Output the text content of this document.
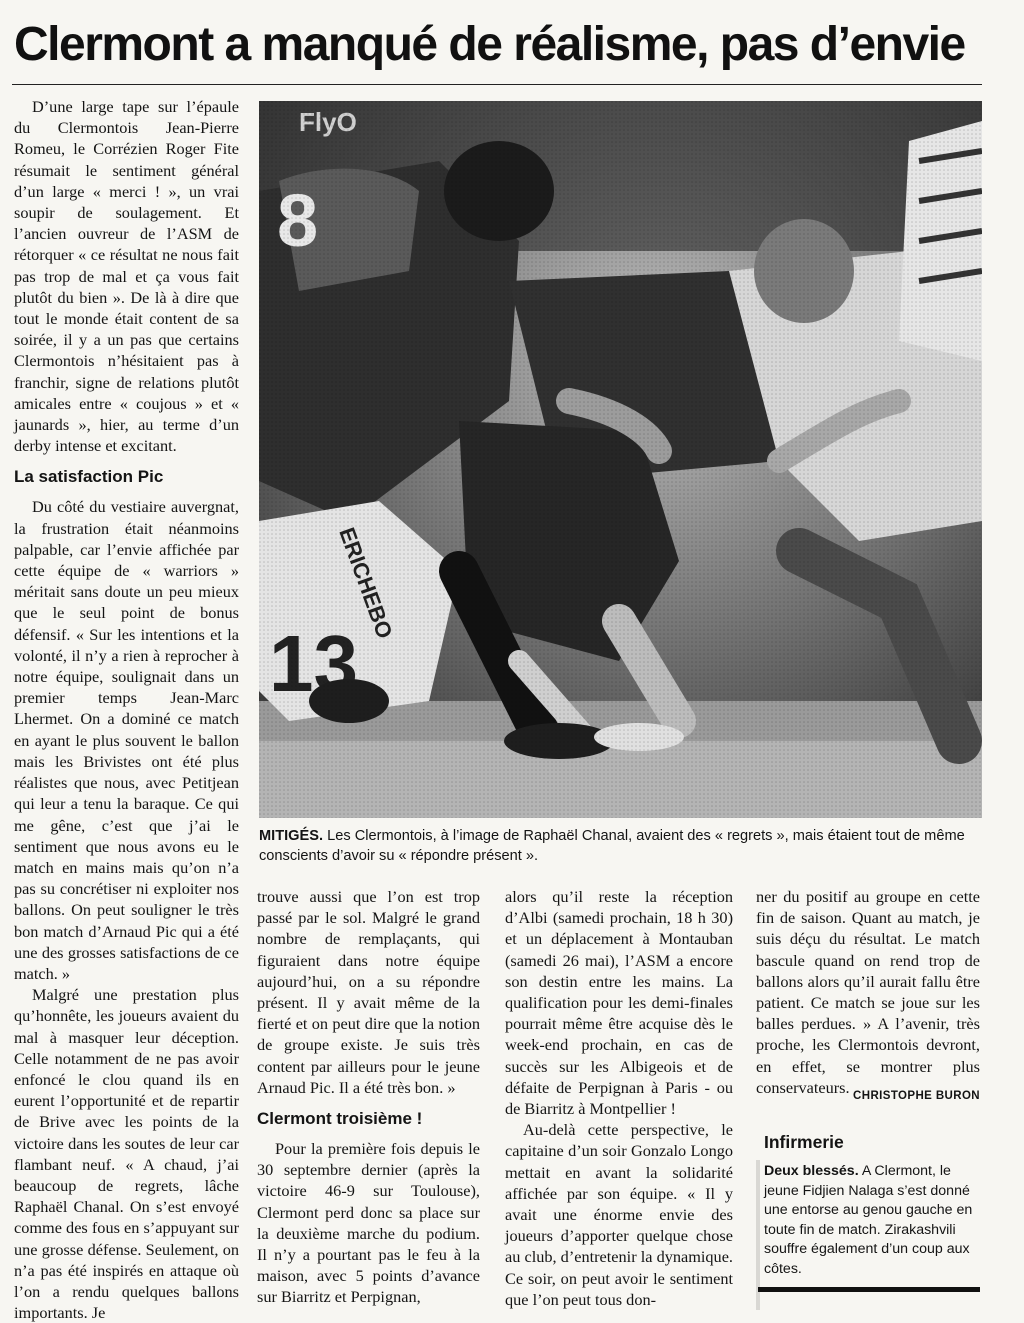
Clermont a manqué de réalisme, pas d’envie

D’une large tape sur l’épaule du Clermontois Jean-Pierre Romeu, le Corrézien Roger Fite résumait le sentiment général d’un large « merci ! », un vrai soupir de soulagement. Et l’ancien ouvreur de l’ASM de rétorquer « ce résultat ne nous fait pas trop de mal et ça vous fait plutôt du bien ». De là à dire que tout le monde était content de sa soirée, il y a un pas que certains Clermontois n’hésitaient pas à franchir, signe de relations plutôt amicales entre « coujous » et « jaunards », hier, au terme d’un derby intense et excitant.

La satisfaction Pic

Du côté du vestiaire auvergnat, la frustration était néanmoins palpable, car l’envie affichée par cette équipe de « warriors » méritait sans doute un peu mieux que le seul point de bonus défensif. « Sur les intentions et la volonté, il n’y a rien à reprocher à notre équipe, soulignait dans un premier temps Jean-Marc Lhermet. On a dominé ce match en ayant le plus souvent le ballon mais les Brivistes ont été plus réalistes que nous, avec Petitjean qui leur a tenu la baraque. Ce qui me gêne, c’est que j’ai le sentiment que nous avons eu le match en mains mais qu’on n’a pas su concrétiser ni exploiter nos ballons. On peut souligner le très bon match d’Arnaud Pic qui a été une des grosses satisfactions de ce match. »

Malgré une prestation plus qu’honnête, les joueurs avaient du mal à masquer leur déception. Celle notamment de ne pas avoir enfoncé le clou quand ils en eurent l’opportunité et de repartir de Brive avec les points de la victoire dans les soutes de leur car flambant neuf. « A chaud, j’ai beaucoup de regrets, lâche Raphaël Chanal. On s’est envoyé comme des fous en s’appuyant sur une grosse défense. Seulement, on n’a pas été inspirés en attaque où l’on a rendu quelques ballons importants. Je

MITIGÉS. Les Clermontois, à l’image de Raphaël Chanal, avaient des « regrets », mais étaient tout de même conscients d’avoir su « répondre présent ».

trouve aussi que l’on est trop passé par le sol. Malgré le grand nombre de remplaçants, qui figuraient dans notre équipe aujourd’hui, on a su répondre présent. Il y avait même de la fierté et on peut dire que la notion de groupe existe. Je suis très content par ailleurs pour le jeune Arnaud Pic. Il a été très bon. »

Clermont troisième !

Pour la première fois depuis le 30 septembre dernier (après la victoire 46-9 sur Toulouse), Clermont perd donc sa place sur la deuxième marche du podium. Il n’y a pourtant pas le feu à la maison, avec 5 points d’avance sur Biarritz et Perpignan,

alors qu’il reste la réception d’Albi (samedi prochain, 18 h 30) et un déplacement à Montauban (samedi 26 mai), l’ASM a encore son destin entre les mains. La qualification pour les demi-finales pourrait même être acquise dès le week-end prochain, en cas de succès sur les Albigeois et de défaite de Perpignan à Paris - ou de Biarritz à Montpellier !

Au-delà cette perspective, le capitaine d’un soir Gonzalo Longo mettait en avant la solidarité affichée par son équipe. « Il y avait une énorme envie des joueurs d’apporter quelque chose au club, d’entretenir la dynamique. Ce soir, on peut avoir le sentiment que l’on peut tous don-

ner du positif au groupe en cette fin de saison. Quant au match, je suis déçu du résultat. Le match bascule quand on rend trop de ballons alors qu’il aurait fallu être patient. Ce match se joue sur les balles perdues. » A l’avenir, très proche, les Clermontois devront, en effet, se montrer plus conservateurs. CHRISTOPHE BURON
Infirmerie
Deux blessés. A Clermont, le jeune Fidjien Nalaga s’est donné une entorse au genou gauche en toute fin de match. Zirakashvili souffre également d’un coup aux côtes.
